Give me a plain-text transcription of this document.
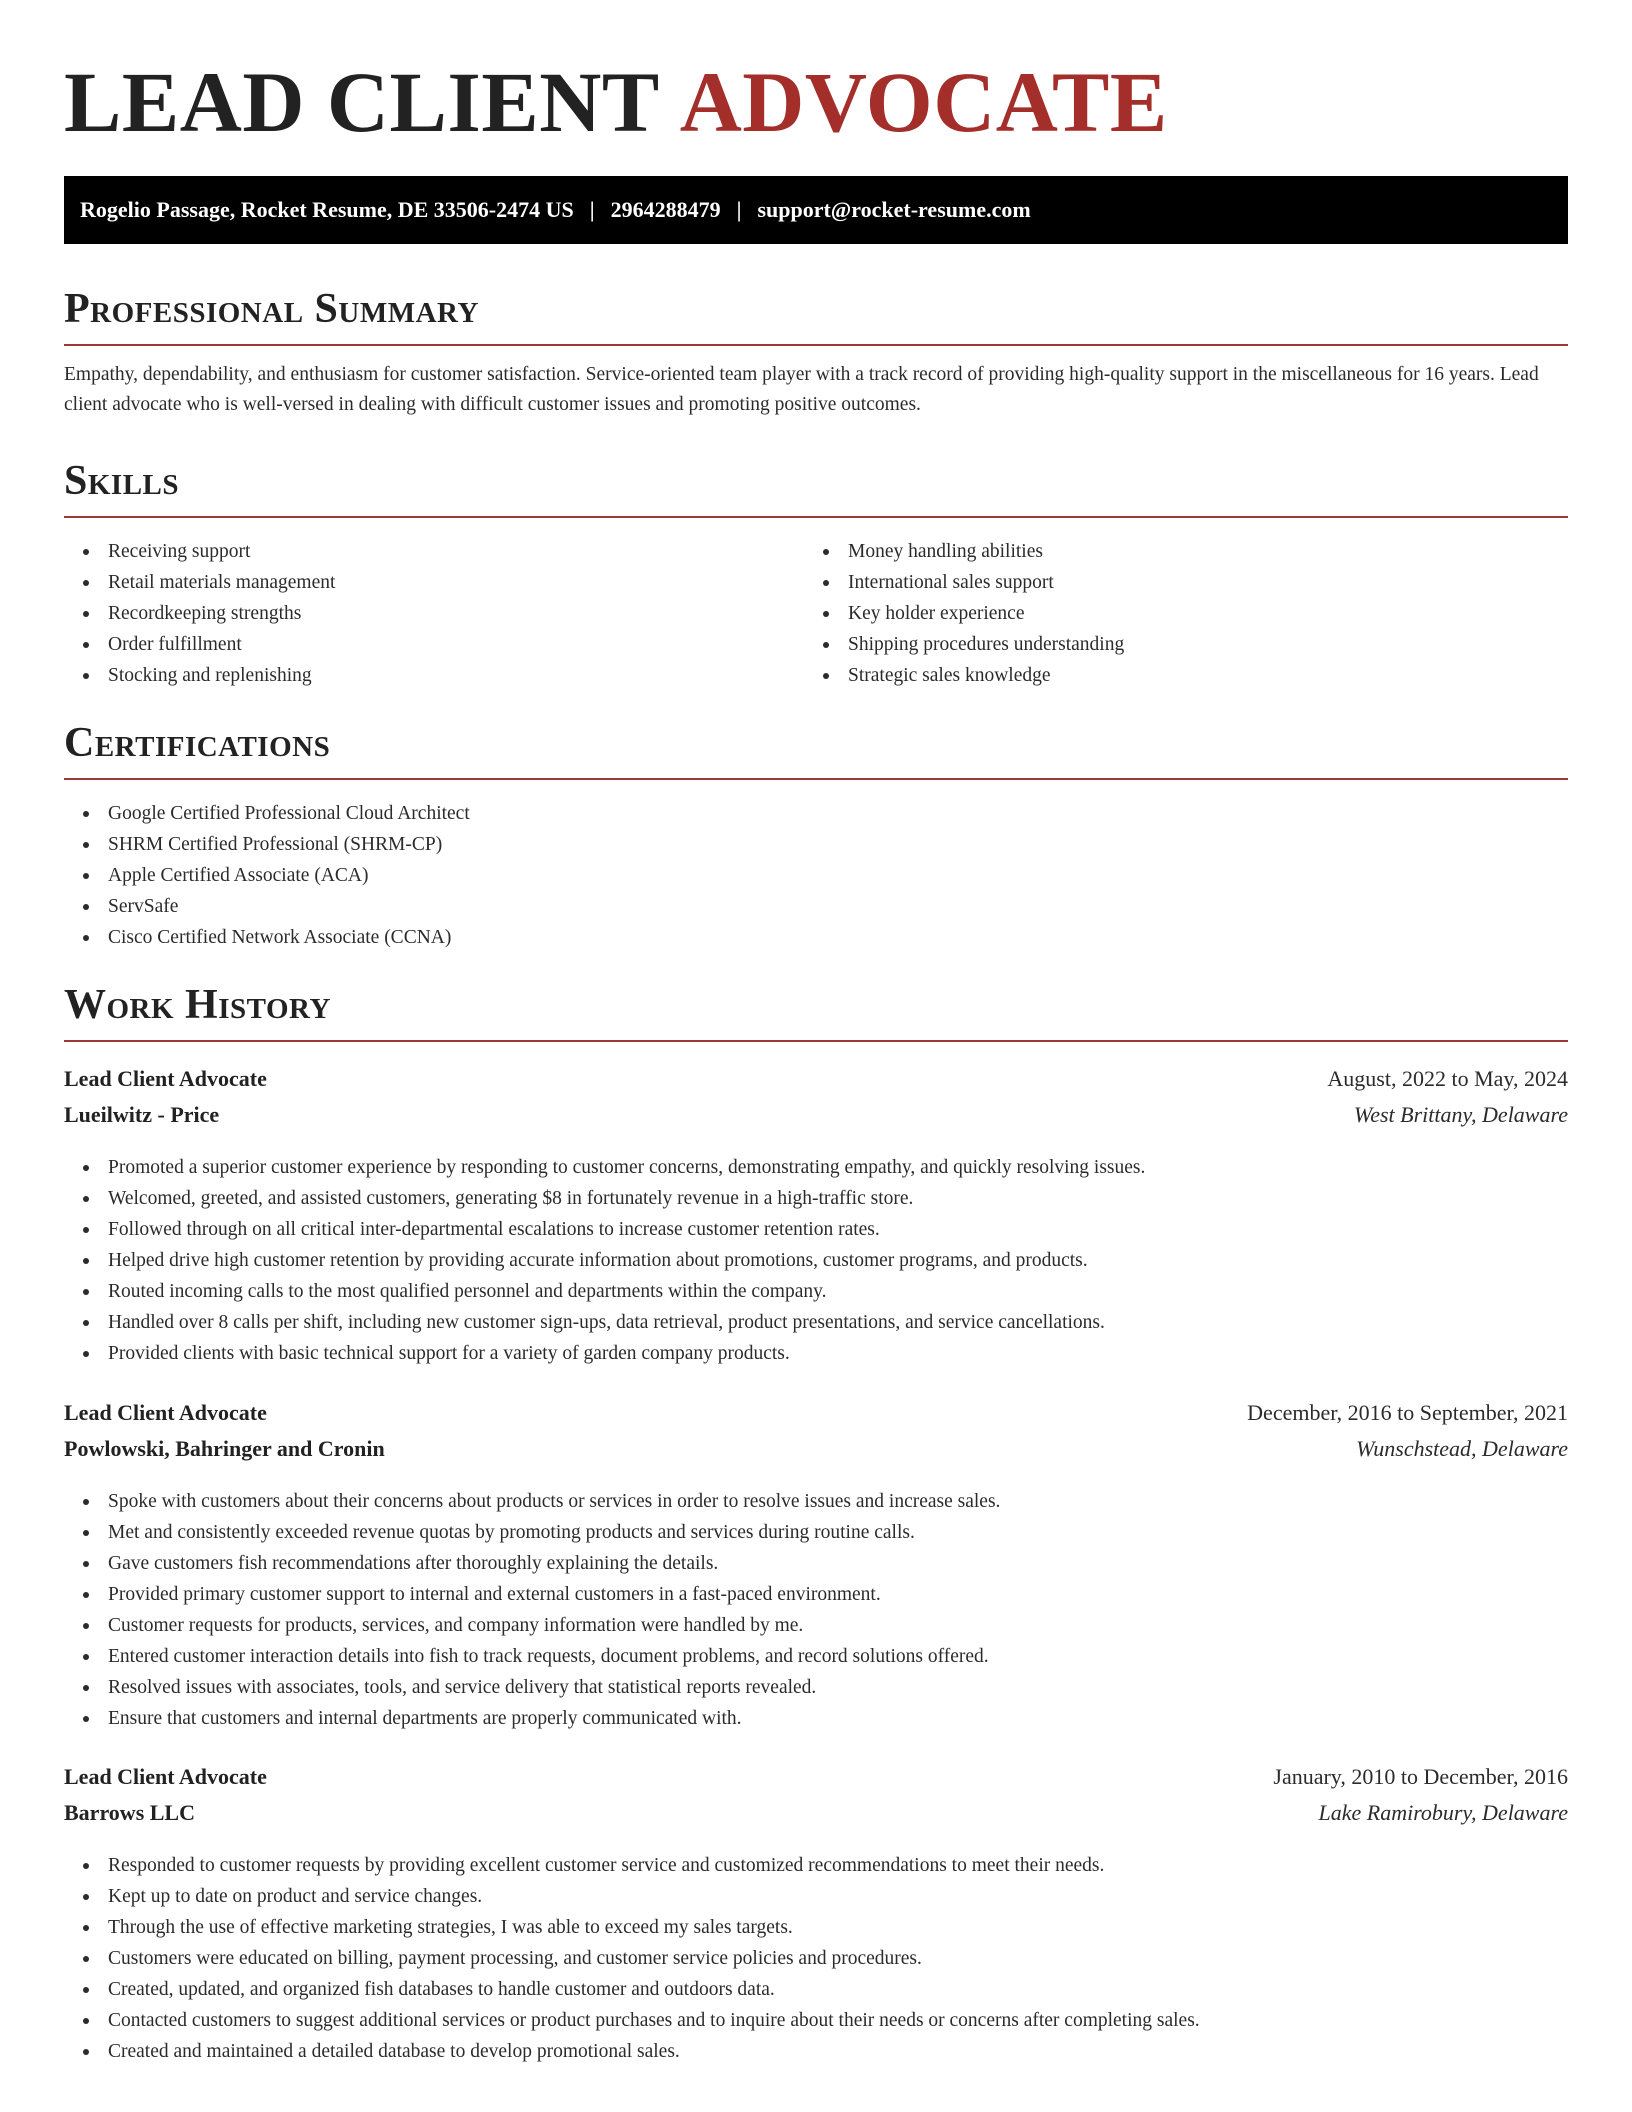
LEAD CLIENT ADVOCATE
Rogelio Passage, Rocket Resume, DE 33506-2474 US | 2964288479 | support@rocket-resume.com
Professional Summary

Empathy, dependability, and enthusiasm for customer satisfaction. Service-oriented team player with a track record of providing high-quality support in the miscellaneous for 16 years. Lead client advocate who is well-versed in dealing with difficult customer issues and promoting positive outcomes.

Skills
Receiving support
Retail materials management
Recordkeeping strengths
Order fulfillment
Stocking and replenishing
Money handling abilities
International sales support
Key holder experience
Shipping procedures understanding
Strategic sales knowledge
Certifications
Google Certified Professional Cloud Architect
SHRM Certified Professional (SHRM-CP)
Apple Certified Associate (ACA)
ServSafe
Cisco Certified Network Associate (CCNA)
Work History
Lead Client Advocate	August, 2022 to May, 2024
Lueilwitz - Price	West Brittany, Delaware
Promoted a superior customer experience by responding to customer concerns, demonstrating empathy, and quickly resolving issues.
Welcomed, greeted, and assisted customers, generating $8 in fortunately revenue in a high-traffic store.
Followed through on all critical inter-departmental escalations to increase customer retention rates.
Helped drive high customer retention by providing accurate information about promotions, customer programs, and products.
Routed incoming calls to the most qualified personnel and departments within the company.
Handled over 8 calls per shift, including new customer sign-ups, data retrieval, product presentations, and service cancellations.
Provided clients with basic technical support for a variety of garden company products.
Lead Client Advocate	December, 2016 to September, 2021
Powlowski, Bahringer and Cronin	Wunschstead, Delaware
Spoke with customers about their concerns about products or services in order to resolve issues and increase sales.
Met and consistently exceeded revenue quotas by promoting products and services during routine calls.
Gave customers fish recommendations after thoroughly explaining the details.
Provided primary customer support to internal and external customers in a fast-paced environment.
Customer requests for products, services, and company information were handled by me.
Entered customer interaction details into fish to track requests, document problems, and record solutions offered.
Resolved issues with associates, tools, and service delivery that statistical reports revealed.
Ensure that customers and internal departments are properly communicated with.
Lead Client Advocate	January, 2010 to December, 2016
Barrows LLC	Lake Ramirobury, Delaware
Responded to customer requests by providing excellent customer service and customized recommendations to meet their needs.
Kept up to date on product and service changes.
Through the use of effective marketing strategies, I was able to exceed my sales targets.
Customers were educated on billing, payment processing, and customer service policies and procedures.
Created, updated, and organized fish databases to handle customer and outdoors data.
Contacted customers to suggest additional services or product purchases and to inquire about their needs or concerns after completing sales.
Created and maintained a detailed database to develop promotional sales.
